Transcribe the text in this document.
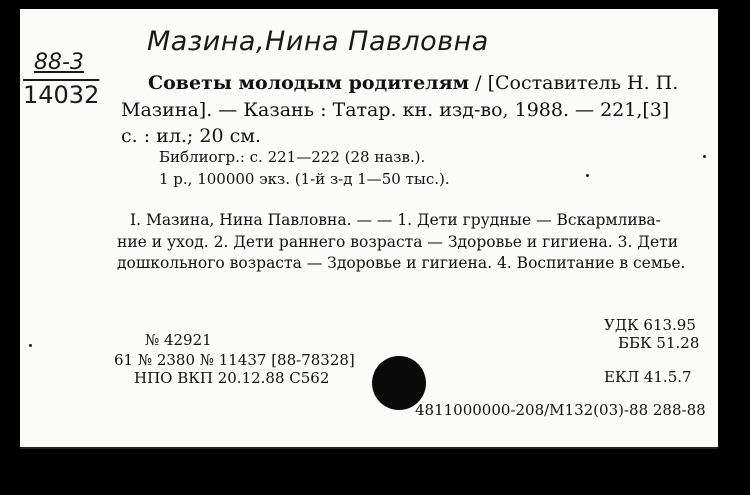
Мазина,Нина Павловна
88-3
14032	Советы молодым родителям / [Составитель Н. П.
Мазина]. — Казань : Татар. кн. изд-во, 1988. — 221,[3]
с. : ил.; 20 см.
Библиогр.: с. 221—222 (28 назв.).
1 р., 100000 экз. (1-й з-д 1—50 тыс.).
I. Мазина, Нина Павловна. — — 1. Дети грудные — Вскармлива-
ние и уход. 2. Дети раннего возраста — Здоровье и гигиена. 3. Дети
дошкольного возраста — Здоровье и гигиена. 4. Воспитание в семье.
УДК 613.95
ББК 51.28
ЕКЛ 41.5.7
№ 42921
61 № 2380 № 11437 [88-78328]
НПО ВКП 20.12.88 С562
4811000000-208/М132(03)-88 288-88
